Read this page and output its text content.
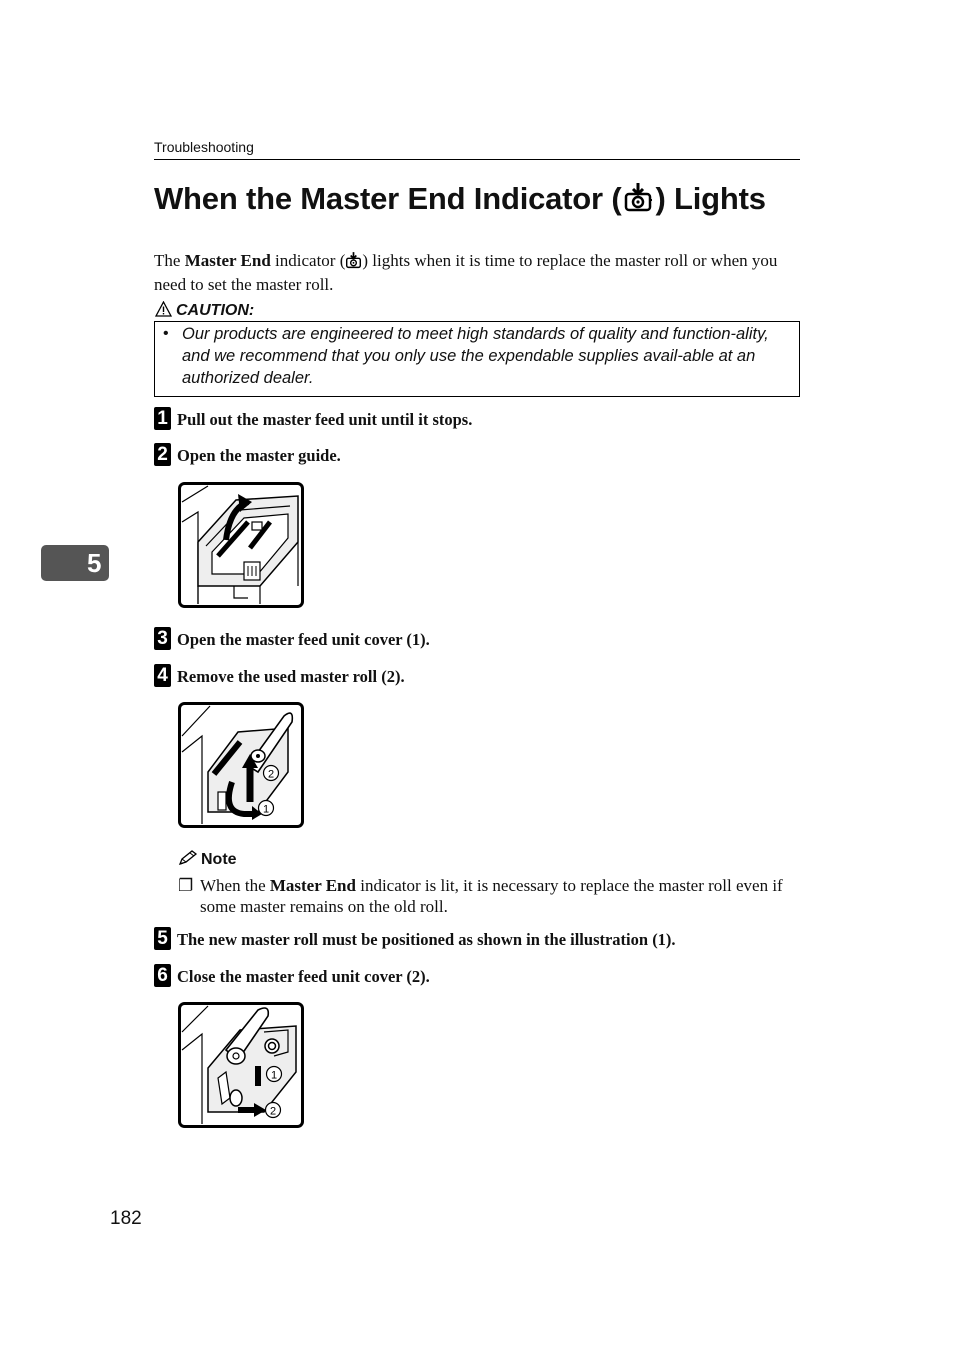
Troubleshooting
When the Master End Indicator ( ) Lights
The Master End indicator ( ) lights when it is time to replace the master roll or when you need to set the master roll.
CAUTION:
• Our products are engineered to meet high standards of quality and function-ality, and we recommend that you only use the expendable supplies avail-able at an authorized dealer.
1 Pull out the master feed unit until it stops.
2 Open the master guide.
5
3 Open the master feed unit cover (1).
4 Remove the used master roll (2).
2
1
Note
❐ When the Master End indicator is lit, it is necessary to replace the master roll even if some master remains on the old roll.
5 The new master roll must be positioned as shown in the illustration (1).
6 Close the master feed unit cover (2).
1
2
182
